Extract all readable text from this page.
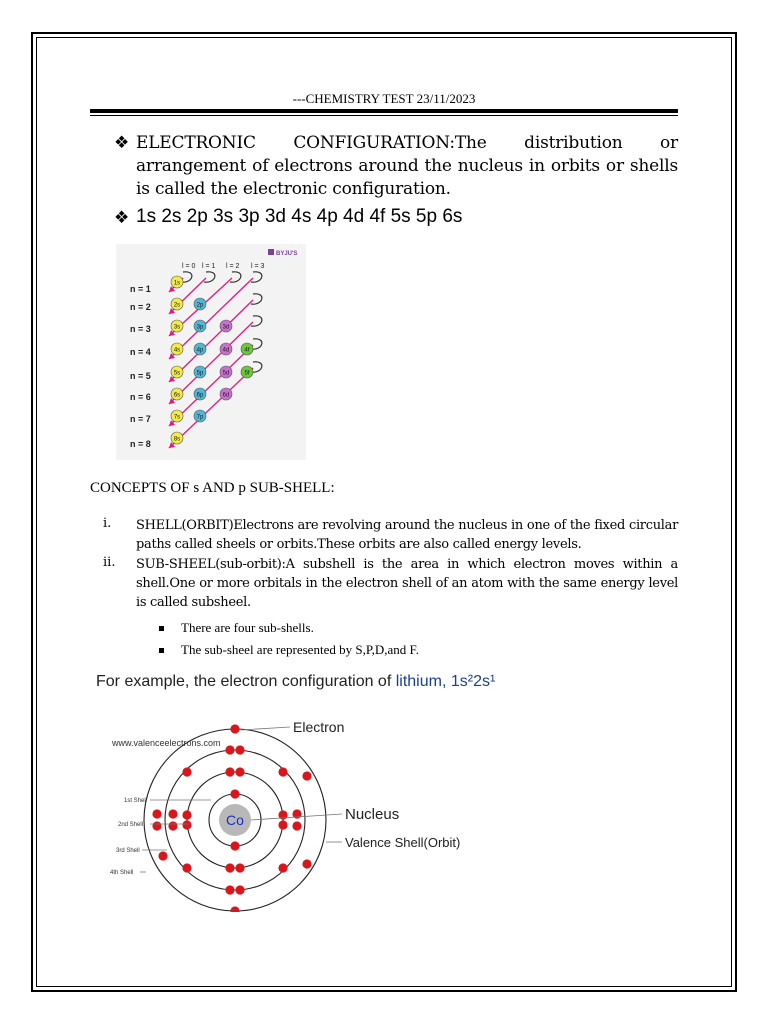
---CHEMISTRY TEST 23/11/2023
❖ ELECTRONIC CONFIGURATION:The distribution or arrangement of electrons around the nucleus in orbits or shells is called the electronic configuration.
❖ 1s 2s 2p 3s 3p 3d 4s 4p 4d 4f 5s 5p 6s
BYJU'S
l = 0 l = 1 l = 2 l = 3
n = 1
n = 2
n = 3
n = 4
n = 5
n = 6
n = 7
n = 8
1s
2s
3s
4s
5s
6s
7s
8s
2p
3p
4p
5p
6p
7p
3d
4d
5d
6d
4f
5f
CONCEPTS OF s AND p SUB-SHELL:
i. SHELL(ORBIT)Electrons are revolving around the nucleus in one of the fixed circular paths called sheels or orbits.These orbits are also called energy levels.
ii. SUB-SHEEL(sub-orbit):A subshell is the area in which electron moves within a shell.One or more orbitals in the electron shell of an atom with the same energy level is called subsheel.
There are four sub-shells.
The sub-sheel are represented by S,P,D,and F.
For example, the electron configuration of lithium, 1s²2s¹
www.valenceelectrons.com
Co
Electron
Nucleus
Valence Shell(Orbit)
1st Shell
2nd Shell
3rd Shell
4th Shell
